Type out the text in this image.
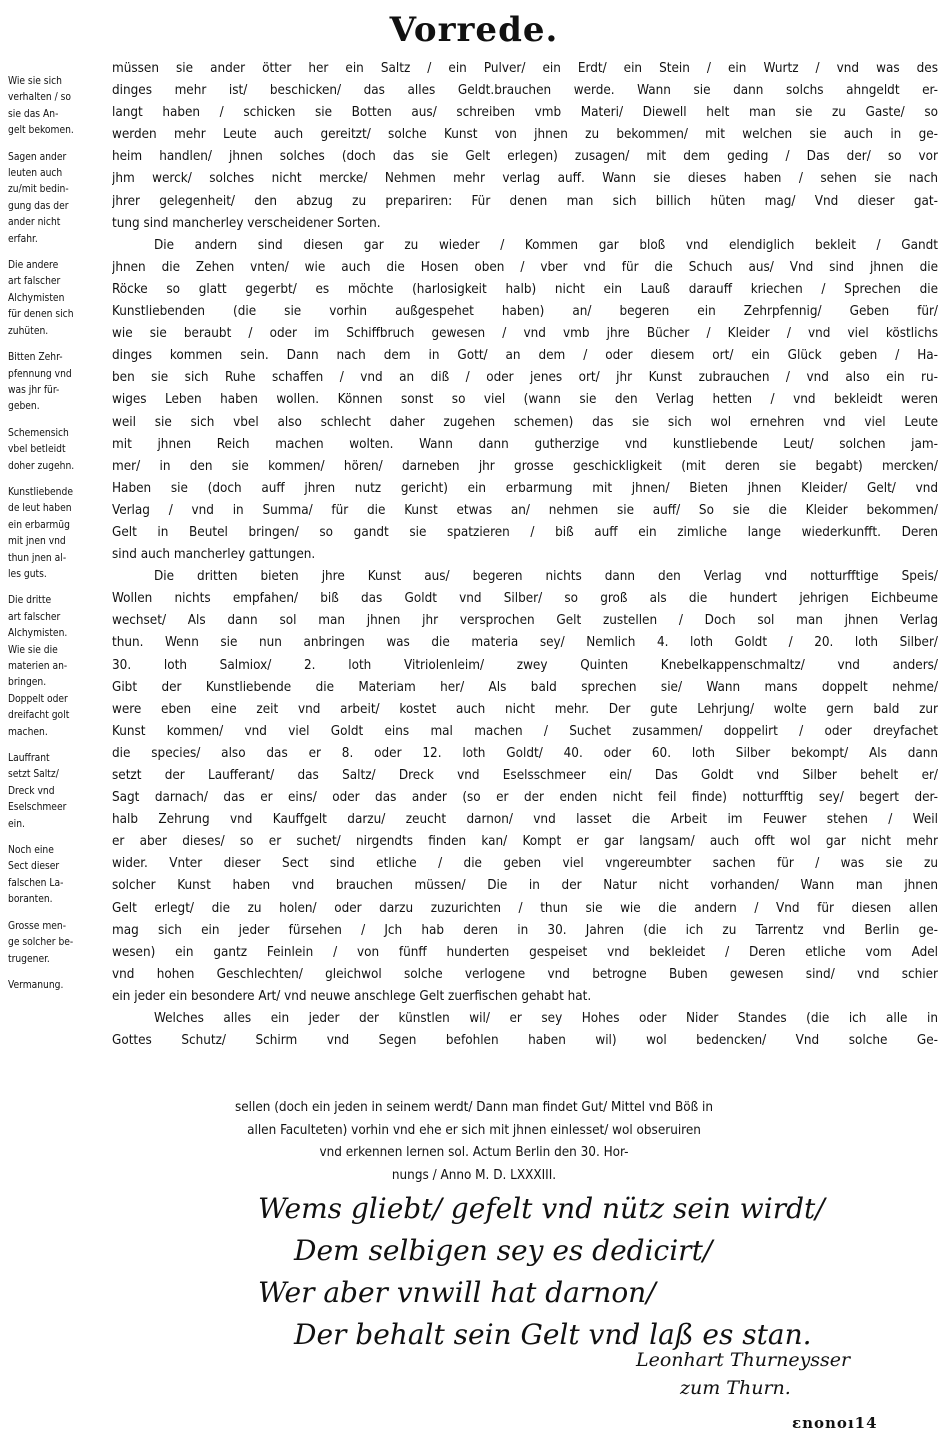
Vorrede.
Wie sie sich
verhalten / so
sie das An-
gelt bekomen.
Sagen ander
leuten auch
zu/mit bedin-
gung das der
ander nicht
erfahr.
Die andere
art falscher
Alchymisten
für denen sich
zuhüten.
Bitten Zehr-
pfennung vnd
was jhr für-
geben.
Schemensich
vbel betleidt
doher zugehn.
Kunstliebende
de leut haben
ein erbarmūg
mit jnen vnd
thun jnen al-
les guts.
Die dritte
art falscher
Alchymisten.
Wie sie die
materien an-
bringen.
Doppelt oder
dreifacht golt
machen.
Lauffrant
setzt Saltz/
Dreck vnd
Eselschmeer
ein.
Noch eine
Sect dieser
falschen La-
boranten.
Grosse men-
ge solcher be-
trugener.
Vermanung.
müssen sie ander ötter her ein Saltz / ein Pulver/ ein Erdt/ ein Stein / ein Wurtz / vnd was des
dinges mehr ist/ beschicken/ das alles Geldt.brauchen werde. Wann sie dann solchs ahngeldt er-
langt haben / schicken sie Botten aus/ schreiben vmb Materi/ Diewell helt man sie zu Gaste/ so
werden mehr Leute auch gereitzt/ solche Kunst von jhnen zu bekommen/ mit welchen sie auch in ge-
heim handlen/ jhnen solches (doch das sie Gelt erlegen) zusagen/ mit dem geding / Das der/ so vor
jhm werck/ solches nicht mercke/ Nehmen mehr verlag auff. Wann sie dieses haben / sehen sie nach
jhrer gelegenheit/ den abzug zu prepariren: Für denen man sich billich hüten mag/ Vnd dieser gat-
tung sind mancherley verscheidener Sorten.
Die andern sind diesen gar zu wieder / Kommen gar bloß vnd elendiglich bekleit / Gandt
jhnen die Zehen vnten/ wie auch die Hosen oben / vber vnd für die Schuch aus/ Vnd sind jhnen die
Röcke so glatt gegerbt/ es möchte (harlosigkeit halb) nicht ein Lauß darauff kriechen / Sprechen die
Kunstliebenden (die sie vorhin außgespehet haben) an/ begeren ein Zehrpfennig/ Geben für/
wie sie beraubt / oder im Schiffbruch gewesen / vnd vmb jhre Bücher / Kleider / vnd viel köstlichs
dinges kommen sein. Dann nach dem in Gott/ an dem / oder diesem ort/ ein Glück geben / Ha-
ben sie sich Ruhe schaffen / vnd an diß / oder jenes ort/ jhr Kunst zubrauchen / vnd also ein ru-
wiges Leben haben wollen. Können sonst so viel (wann sie den Verlag hetten / vnd bekleidt weren
weil sie sich vbel also schlecht daher zugehen schemen) das sie sich wol ernehren vnd viel Leute
mit jhnen Reich machen wolten. Wann dann gutherzige vnd kunstliebende Leut/ solchen jam-
mer/ in den sie kommen/ hören/ darneben jhr grosse geschickligkeit (mit deren sie begabt) mercken/
Haben sie (doch auff jhren nutz gericht) ein erbarmung mit jhnen/ Bieten jhnen Kleider/ Gelt/ vnd
Verlag / vnd in Summa/ für die Kunst etwas an/ nehmen sie auff/ So sie die Kleider bekommen/
Gelt in Beutel bringen/ so gandt sie spatzieren / biß auff ein zimliche lange wiederkunfft. Deren
sind auch mancherley gattungen.
Die dritten bieten jhre Kunst aus/ begeren nichts dann den Verlag vnd notturfftige Speis/
Wollen nichts empfahen/ biß das Goldt vnd Silber/ so groß als die hundert jehrigen Eichbeume
wechset/ Als dann sol man jhnen jhr versprochen Gelt zustellen / Doch sol man jhnen Verlag
thun. Wenn sie nun anbringen was die materia sey/ Nemlich 4. loth Goldt / 20. loth Silber/
30. loth Salmiox/ 2. loth Vitriolenleim/ zwey Quinten Knebelkappenschmaltz/ vnd anders/
Gibt der Kunstliebende die Materiam her/ Als bald sprechen sie/ Wann mans doppelt nehme/
were eben eine zeit vnd arbeit/ kostet auch nicht mehr. Der gute Lehrjung/ wolte gern bald zur
Kunst kommen/ vnd viel Goldt eins mal machen / Suchet zusammen/ doppelirt / oder dreyfachet
die species/ also das er 8. oder 12. loth Goldt/ 40. oder 60. loth Silber bekompt/ Als dann
setzt der Laufferant/ das Saltz/ Dreck vnd Eselsschmeer ein/ Das Goldt vnd Silber behelt er/
Sagt darnach/ das er eins/ oder das ander (so er der enden nicht feil finde) notturfftig sey/ begert der-
halb Zehrung vnd Kauffgelt darzu/ zeucht darnon/ vnd lasset die Arbeit im Feuwer stehen / Weil
er aber dieses/ so er suchet/ nirgendts finden kan/ Kompt er gar langsam/ auch offt wol gar nicht mehr
wider. Vnter dieser Sect sind etliche / die geben viel vngereumbter sachen für / was sie zu
solcher Kunst haben vnd brauchen müssen/ Die in der Natur nicht vorhanden/ Wann man jhnen
Gelt erlegt/ die zu holen/ oder darzu zuzurichten / thun sie wie die andern / Vnd für diesen allen
mag sich ein jeder fürsehen / Jch hab deren in 30. Jahren (die ich zu Tarrentz vnd Berlin ge-
wesen) ein gantz Feinlein / von fünff hunderten gespeiset vnd bekleidet / Deren etliche vom Adel
vnd hohen Geschlechten/ gleichwol solche verlogene vnd betrogne Buben gewesen sind/ vnd schier
ein jeder ein besondere Art/ vnd neuwe anschlege Gelt zuerfischen gehabt hat.
Welches alles ein jeder der künstlen wil/ er sey Hohes oder Nider Standes (die ich alle in
Gottes Schutz/ Schirm vnd Segen befohlen haben wil) wol bedencken/ Vnd solche Ge-
sellen (doch ein jeden in seinem werdt/ Dann man findet Gut/ Mittel vnd Böß in
allen Faculteten) vorhin vnd ehe er sich mit jhnen einlesset/ wol obseruiren
vnd erkennen lernen sol. Actum Berlin den 30. Hor-
nungs / Anno M. D. LXXXIII.
Wems gliebt/ gefelt vnd nütz sein wirdt/
Dem selbigen sey es dedicirt/
Wer aber vnwill hat darnon/
Der behalt sein Gelt vnd laß es stan.
Leonhart Thurneysser
zum Thurn.
ɛnonoı14
